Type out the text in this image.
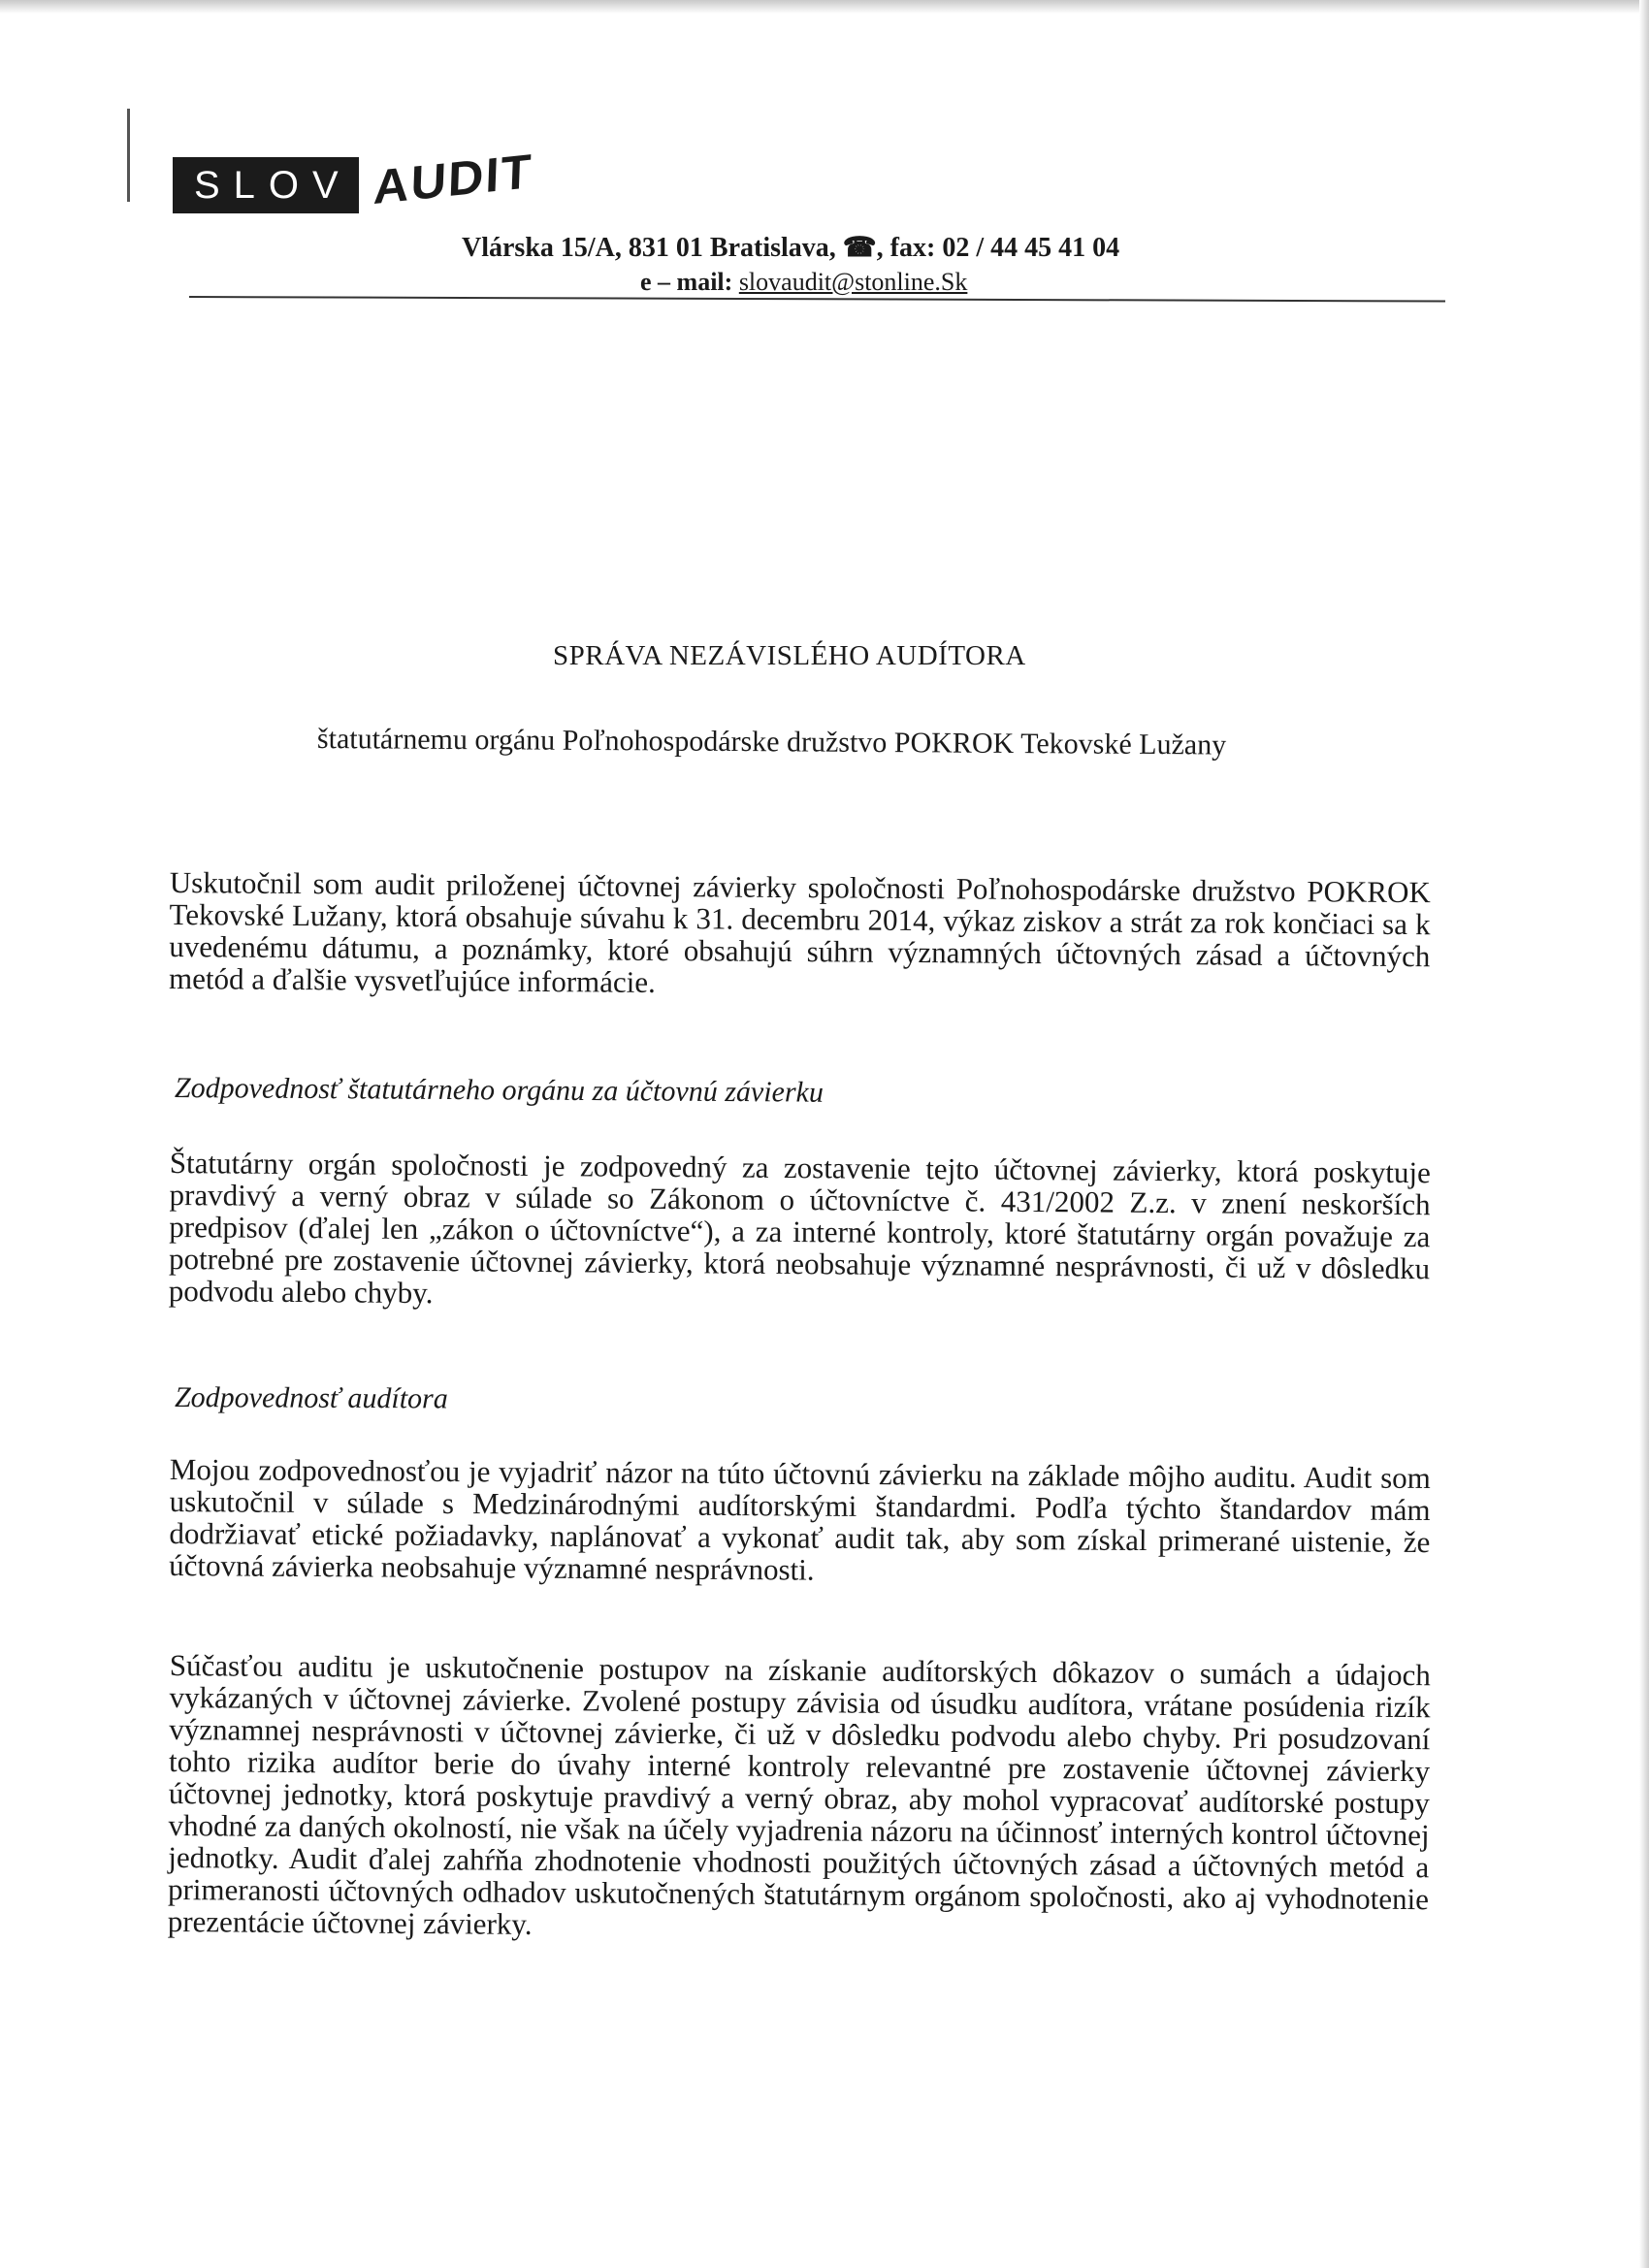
SLOV AUDIT
Vlárska 15/A, 831 01 Bratislava, ☎, fax: 02 / 44 45 41 04
e – mail: slovaudit@stonline.Sk
SPRÁVA NEZÁVISLÉHO AUDÍTORA
štatutárnemu orgánu Poľnohospodárske družstvo POKROK Tekovské Lužany

Uskutočnil som audit priloženej účtovnej závierky spoločnosti Poľnohospodárske družstvo POKROK Tekovské Lužany, ktorá obsahuje súvahu k 31. decembru 2014, výkaz ziskov a strát za rok končiaci sa k uvedenému dátumu, a poznámky, ktoré obsahujú súhrn významných účtovných zásad a účtovných metód a ďalšie vysvetľujúce informácie.

Zodpovednosť štatutárneho orgánu za účtovnú závierku

Štatutárny orgán spoločnosti je zodpovedný za zostavenie tejto účtovnej závierky, ktorá poskytuje pravdivý a verný obraz v súlade so Zákonom o účtovníctve č. 431/2002 Z.z. v znení neskorších predpisov (ďalej len „zákon o účtovníctve“), a za interné kontroly, ktoré štatutárny orgán považuje za potrebné pre zostavenie účtovnej závierky, ktorá neobsahuje významné nesprávnosti, či už v dôsledku podvodu alebo chyby.

Zodpovednosť audítora

Mojou zodpovednosťou je vyjadriť názor na túto účtovnú závierku na základe môjho auditu. Audit som uskutočnil v súlade s Medzinárodnými audítorskými štandardmi. Podľa týchto štandardov mám dodržiavať etické požiadavky, naplánovať a vykonať audit tak, aby som získal primerané uistenie, že účtovná závierka neobsahuje významné nesprávnosti.

Súčasťou auditu je uskutočnenie postupov na získanie audítorských dôkazov o sumách a údajoch vykázaných v účtovnej závierke. Zvolené postupy závisia od úsudku audítora, vrátane posúdenia rizík významnej nesprávnosti v účtovnej závierke, či už v dôsledku podvodu alebo chyby. Pri posudzovaní tohto rizika audítor berie do úvahy interné kontroly relevantné pre zostavenie účtovnej závierky účtovnej jednotky, ktorá poskytuje pravdivý a verný obraz, aby mohol vypracovať audítorské postupy vhodné za daných okolností, nie však na účely vyjadrenia názoru na účinnosť interných kontrol účtovnej jednotky. Audit ďalej zahŕňa zhodnotenie vhodnosti použitých účtovných zásad a účtovných metód a primeranosti účtovných odhadov uskutočnených štatutárnym orgánom spoločnosti, ako aj vyhodnotenie prezentácie účtovnej závierky.
